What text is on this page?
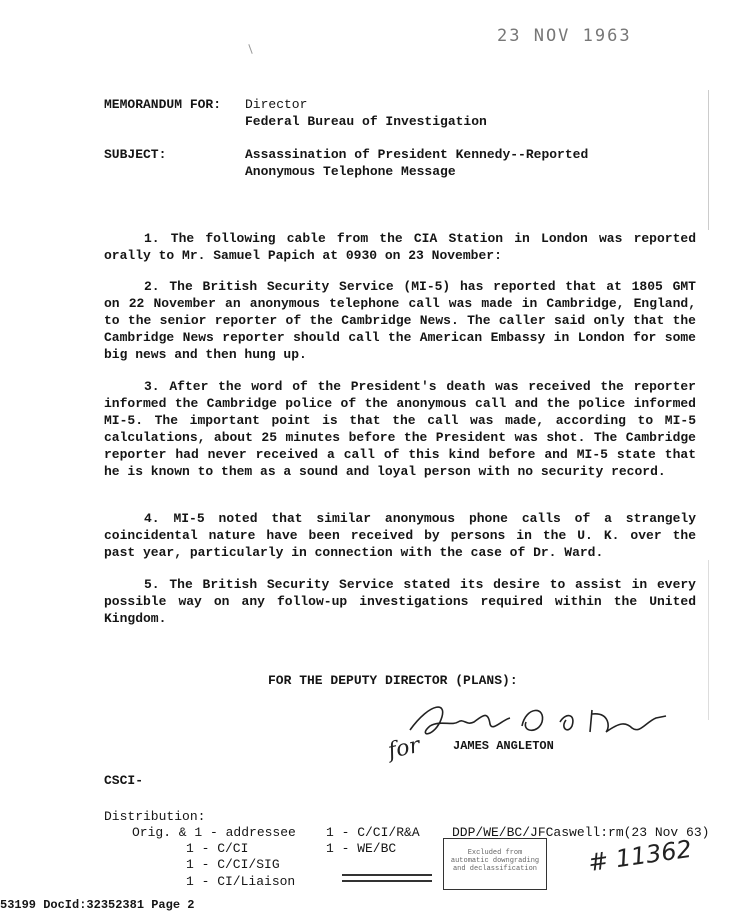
23 NOV 1963
MEMORANDUM FOR: Director
Federal Bureau of Investigation
SUBJECT:	Assassination of President Kennedy--Reported
Anonymous Telephone Message

1. The following cable from the CIA Station in London was reported orally to Mr. Samuel Papich at 0930 on 23 November:

2. The British Security Service (MI-5) has reported that at 1805 GMT on 22 November an anonymous telephone call was made in Cambridge, England, to the senior reporter of the Cambridge News. The caller said only that the Cambridge News reporter should call the American Embassy in London for some big news and then hung up.

3. After the word of the President's death was received the reporter informed the Cambridge police of the anonymous call and the police informed MI-5. The important point is that the call was made, according to MI-5 calculations, about 25 minutes before the President was shot. The Cambridge reporter had never received a call of this kind before and MI-5 state that he is known to them as a sound and loyal person with no security record.

4. MI-5 noted that similar anonymous phone calls of a strangely coincidental nature have been received by persons in the U. K. over the past year, particularly in connection with the case of Dr. Ward.

5. The British Security Service stated its desire to assist in every possible way on any follow-up investigations required within the United Kingdom.

FOR THE DEPUTY DIRECTOR (PLANS):
JAMES ANGLETON
for
CSCI-
Distribution:
Orig. & 1 - addressee
1 - C/CI
1 - C/CI/SIG
1 - CI/Liaison
1 - C/CI/R&A
1 - WE/BC
DDP/WE/BC/JFCaswell:rm(23 Nov 63)
Excluded from automatic downgrading and declassification # 11362
53199 DocId:32352381 Page 2
